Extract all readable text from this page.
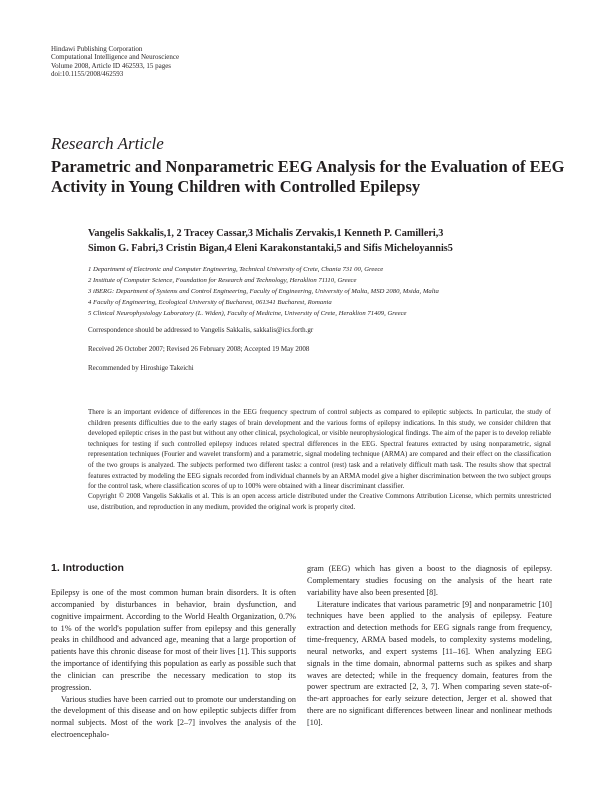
Hindawi Publishing Corporation
Computational Intelligence and Neuroscience
Volume 2008, Article ID 462593, 15 pages
doi:10.1155/2008/462593
Research Article
Parametric and Nonparametric EEG Analysis for the Evaluation of EEG Activity in Young Children with Controlled Epilepsy
Vangelis Sakkalis,1, 2 Tracey Cassar,3 Michalis Zervakis,1 Kenneth P. Camilleri,3
Simon G. Fabri,3 Cristin Bigan,4 Eleni Karakonstantaki,5 and Sifis Micheloyannis5
1 Department of Electronic and Computer Engineering, Technical University of Crete, Chania 731 00, Greece
2 Institute of Computer Science, Foundation for Research and Technology, Heraklion 71110, Greece
3 iBERG: Department of Systems and Control Engineering, Faculty of Engineering, University of Malta, MSD 2080, Msida, Malta
4 Faculty of Engineering, Ecological University of Bucharest, 061341 Bucharest, Romania
5 Clinical Neurophysiology Laboratory (L. Widen), Faculty of Medicine, University of Crete, Heraklion 71409, Greece
Correspondence should be addressed to Vangelis Sakkalis, sakkalis@ics.forth.gr
Received 26 October 2007; Revised 26 February 2008; Accepted 19 May 2008
Recommended by Hiroshige Takeichi

There is an important evidence of differences in the EEG frequency spectrum of control subjects as compared to epileptic subjects. In particular, the study of children presents difficulties due to the early stages of brain development and the various forms of epilepsy indications. In this study, we consider children that developed epileptic crises in the past but without any other clinical, psychological, or visible neurophysiological findings. The aim of the paper is to develop reliable techniques for testing if such controlled epilepsy induces related spectral differences in the EEG. Spectral features extracted by using nonparametric, signal representation techniques (Fourier and wavelet transform) and a parametric, signal modeling technique (ARMA) are compared and their effect on the classification of the two groups is analyzed. The subjects performed two different tasks: a control (rest) task and a relatively difficult math task. The results show that spectral features extracted by modeling the EEG signals recorded from individual channels by an ARMA model give a higher discrimination between the two subject groups for the control task, where classification scores of up to 100% were obtained with a linear discriminant classifier.

Copyright © 2008 Vangelis Sakkalis et al. This is an open access article distributed under the Creative Commons Attribution License, which permits unrestricted use, distribution, and reproduction in any medium, provided the original work is properly cited.
1. Introduction

Epilepsy is one of the most common human brain disorders. It is often accompanied by disturbances in behavior, brain dysfunction, and cognitive impairment. According to the World Health Organization, 0.7% to 1% of the world's population suffer from epilepsy and this generally peaks in childhood and advanced age, meaning that a large proportion of patients have this chronic disease for most of their lives [1]. This supports the importance of identifying this population as early as possible such that the clinician can prescribe the necessary medication to stop its progression.

Various studies have been carried out to promote our understanding on the development of this disease and on how epileptic subjects differ from normal subjects. Most of the work [2–7] involves the analysis of the electroencephalo-

gram (EEG) which has given a boost to the diagnosis of epilepsy. Complementary studies focusing on the analysis of the heart rate variability have also been presented [8].

Literature indicates that various parametric [9] and nonparametric [10] techniques have been applied to the analysis of epilepsy. Feature extraction and detection methods for EEG signals range from frequency, time-frequency, ARMA based models, to complexity systems modeling, neural networks, and expert systems [11–16]. When analyzing EEG signals in the time domain, abnormal patterns such as spikes and sharp waves are detected; while in the frequency domain, features from the power spectrum are extracted [2, 3, 7]. When comparing seven state-of-the-art approaches for early seizure detection, Jerger et al. showed that there are no significant differences between linear and nonlinear methods [10].
